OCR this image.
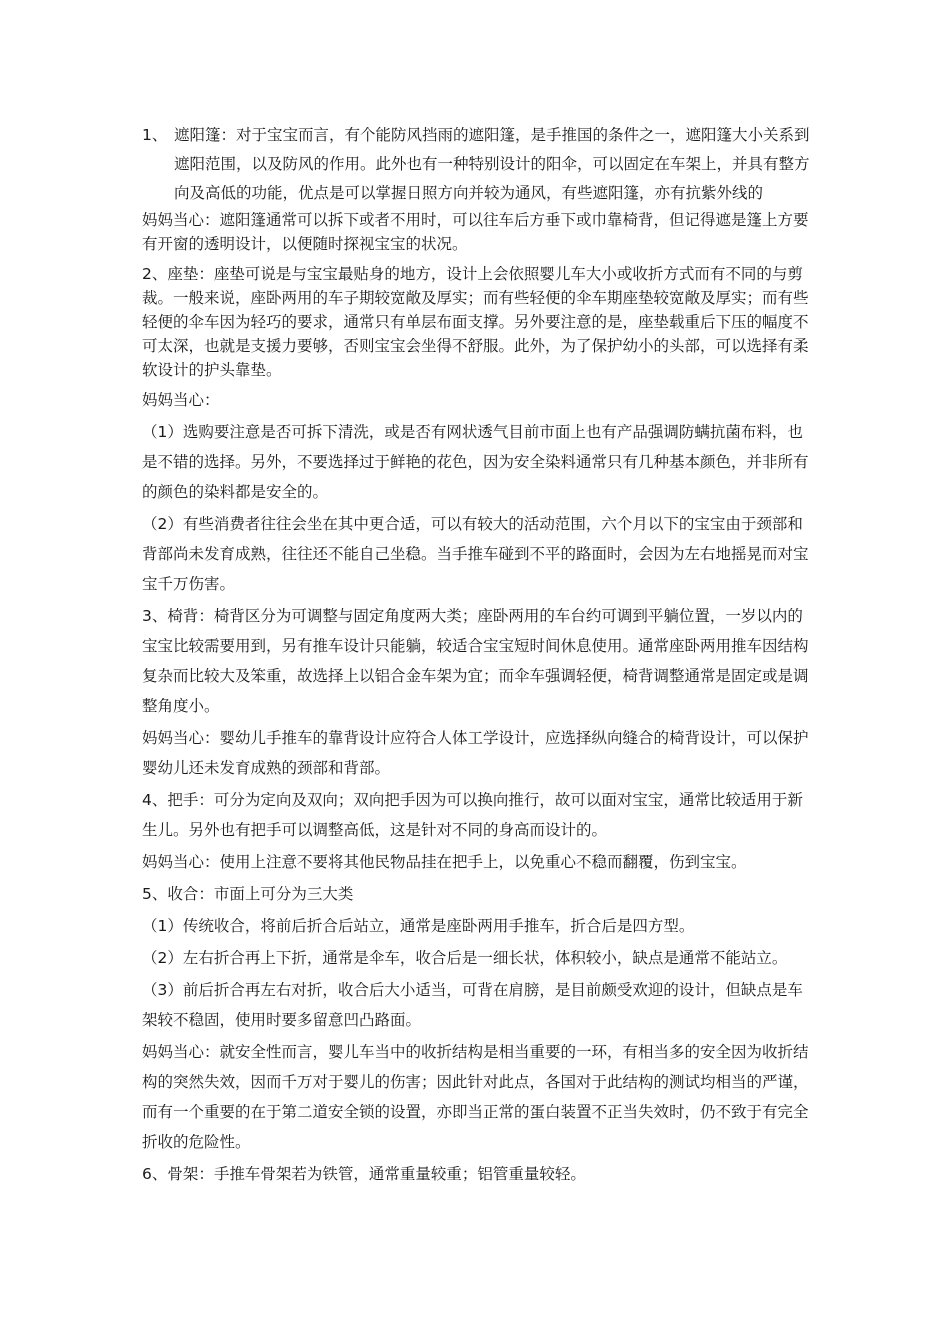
1、 遮阳篷：对于宝宝而言，有个能防风挡雨的遮阳篷，是手推国的条件之一，遮阳篷大小关系到遮阳范围，以及防风的作用。此外也有一种特别设计的阳伞，可以固定在车架上，并具有整方向及高低的功能，优点是可以掌握日照方向并较为通风，有些遮阳篷，亦有抗紫外线的

妈妈当心：遮阳篷通常可以拆下或者不用时，可以往车后方垂下或巾靠椅背，但记得遮是篷上方要有开窗的透明设计，以便随时探视宝宝的状况。

2、座垫：座垫可说是与宝宝最贴身的地方，设计上会依照婴儿车大小或收折方式而有不同的与剪裁。一般来说，座卧两用的车子期较宽敞及厚实；而有些轻便的伞车期座垫较宽敞及厚实；而有些轻便的伞车因为轻巧的要求，通常只有单层布面支撑。另外要注意的是，座垫载重后下压的幅度不可太深，也就是支援力要够，否则宝宝会坐得不舒服。此外，为了保护幼小的头部，可以选择有柔软设计的护头靠垫。

妈妈当心：

（1）选购要注意是否可拆下清洗，或是否有网状透气目前市面上也有产品强调防螨抗菌布料，也是不错的选择。另外，不要选择过于鲜艳的花色，因为安全染料通常只有几种基本颜色，并非所有的颜色的染料都是安全的。

（2）有些消费者往往会坐在其中更合适，可以有较大的活动范围，六个月以下的宝宝由于颈部和背部尚未发育成熟，往往还不能自己坐稳。当手推车碰到不平的路面时，会因为左右地摇晃而对宝宝千万伤害。

3、椅背：椅背区分为可调整与固定角度两大类；座卧两用的车台约可调到平躺位置，一岁以内的宝宝比较需要用到，另有推车设计只能躺，较适合宝宝短时间休息使用。通常座卧两用推车因结构复杂而比较大及笨重，故选择上以铝合金车架为宜；而伞车强调轻便，椅背调整通常是固定或是调整角度小。

妈妈当心：婴幼儿手推车的靠背设计应符合人体工学设计，应选择纵向缝合的椅背设计，可以保护婴幼儿还未发育成熟的颈部和背部。

4、把手：可分为定向及双向；双向把手因为可以换向推行，故可以面对宝宝，通常比较适用于新生儿。另外也有把手可以调整高低，这是针对不同的身高而设计的。

妈妈当心：使用上注意不要将其他民物品挂在把手上，以免重心不稳而翻覆，伤到宝宝。

5、收合：市面上可分为三大类

（1）传统收合，将前后折合后站立，通常是座卧两用手推车，折合后是四方型。

（2）左右折合再上下折，通常是伞车，收合后是一细长状，体积较小，缺点是通常不能站立。

（3）前后折合再左右对折，收合后大小适当，可背在肩膀，是目前颇受欢迎的设计，但缺点是车架较不稳固，使用时要多留意凹凸路面。

妈妈当心：就安全性而言，婴儿车当中的收折结构是相当重要的一环，有相当多的安全因为收折结构的突然失效，因而千万对于婴儿的伤害；因此针对此点，各国对于此结构的测试均相当的严谨，而有一个重要的在于第二道安全锁的设置，亦即当正常的蛋白装置不正当失效时，仍不致于有完全折收的危险性。

6、骨架：手推车骨架若为铁管，通常重量较重；铝管重量较轻。
